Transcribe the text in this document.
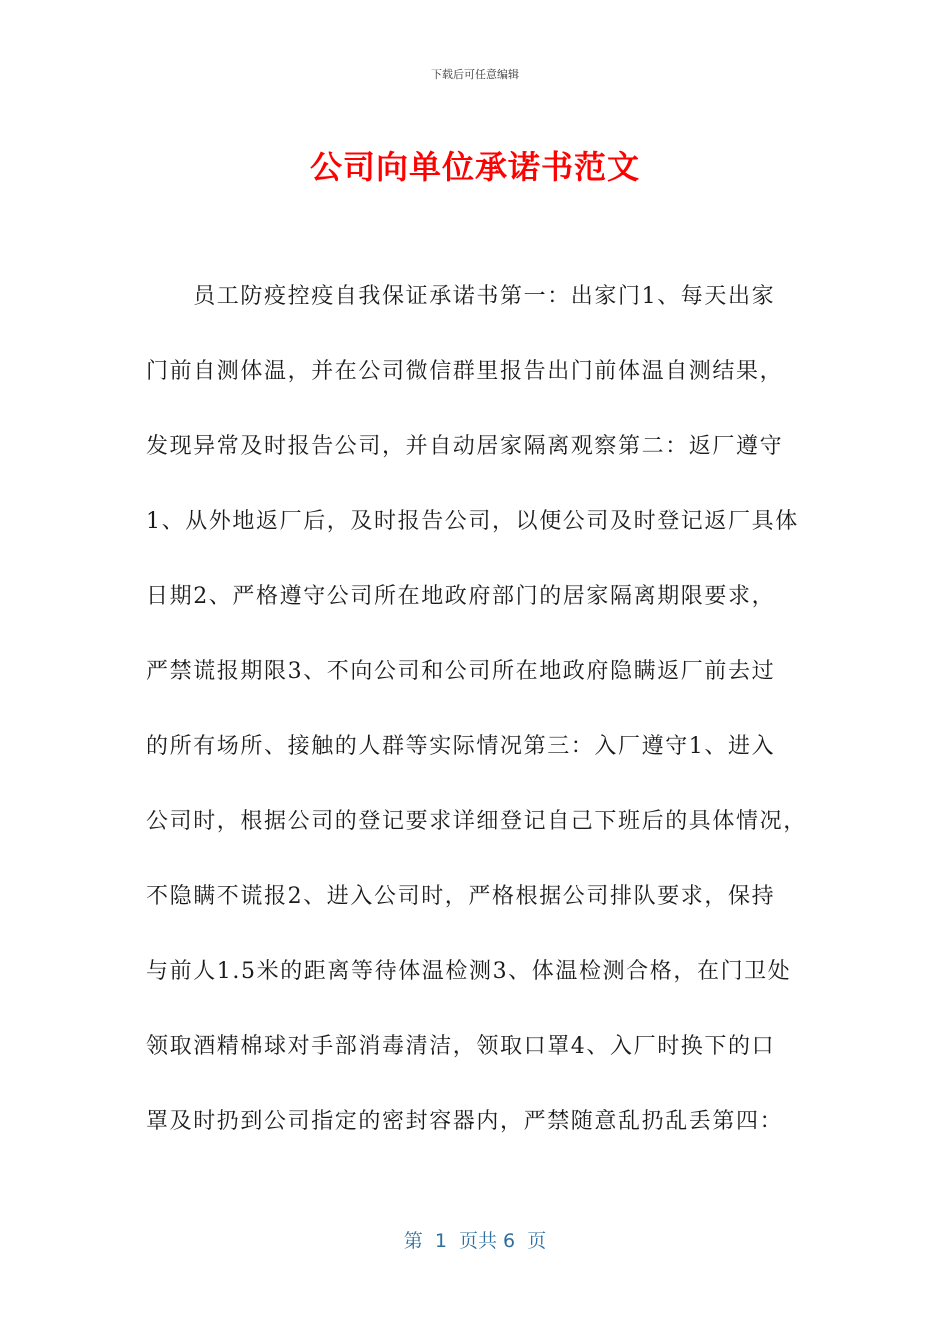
下载后可任意编辑
公司向单位承诺书范文
　　员工防疫控疫自我保证承诺书第一：出家门1、每天出家
门前自测体温，并在公司微信群里报告出门前体温自测结果，
发现异常及时报告公司，并自动居家隔离观察第二：返厂遵守
1、从外地返厂后，及时报告公司，以便公司及时登记返厂具体
日期2、严格遵守公司所在地政府部门的居家隔离期限要求，
严禁谎报期限3、不向公司和公司所在地政府隐瞒返厂前去过
的所有场所、接触的人群等实际情况第三：入厂遵守1、进入
公司时，根据公司的登记要求详细登记自己下班后的具体情况，
不隐瞒不谎报2、进入公司时，严格根据公司排队要求，保持
与前人1.5米的距离等待体温检测3、体温检测合格，在门卫处
领取酒精棉球对手部消毒清洁，领取口罩4、入厂时换下的口
罩及时扔到公司指定的密封容器内，严禁随意乱扔乱丢第四：
第  1  页共 6  页
